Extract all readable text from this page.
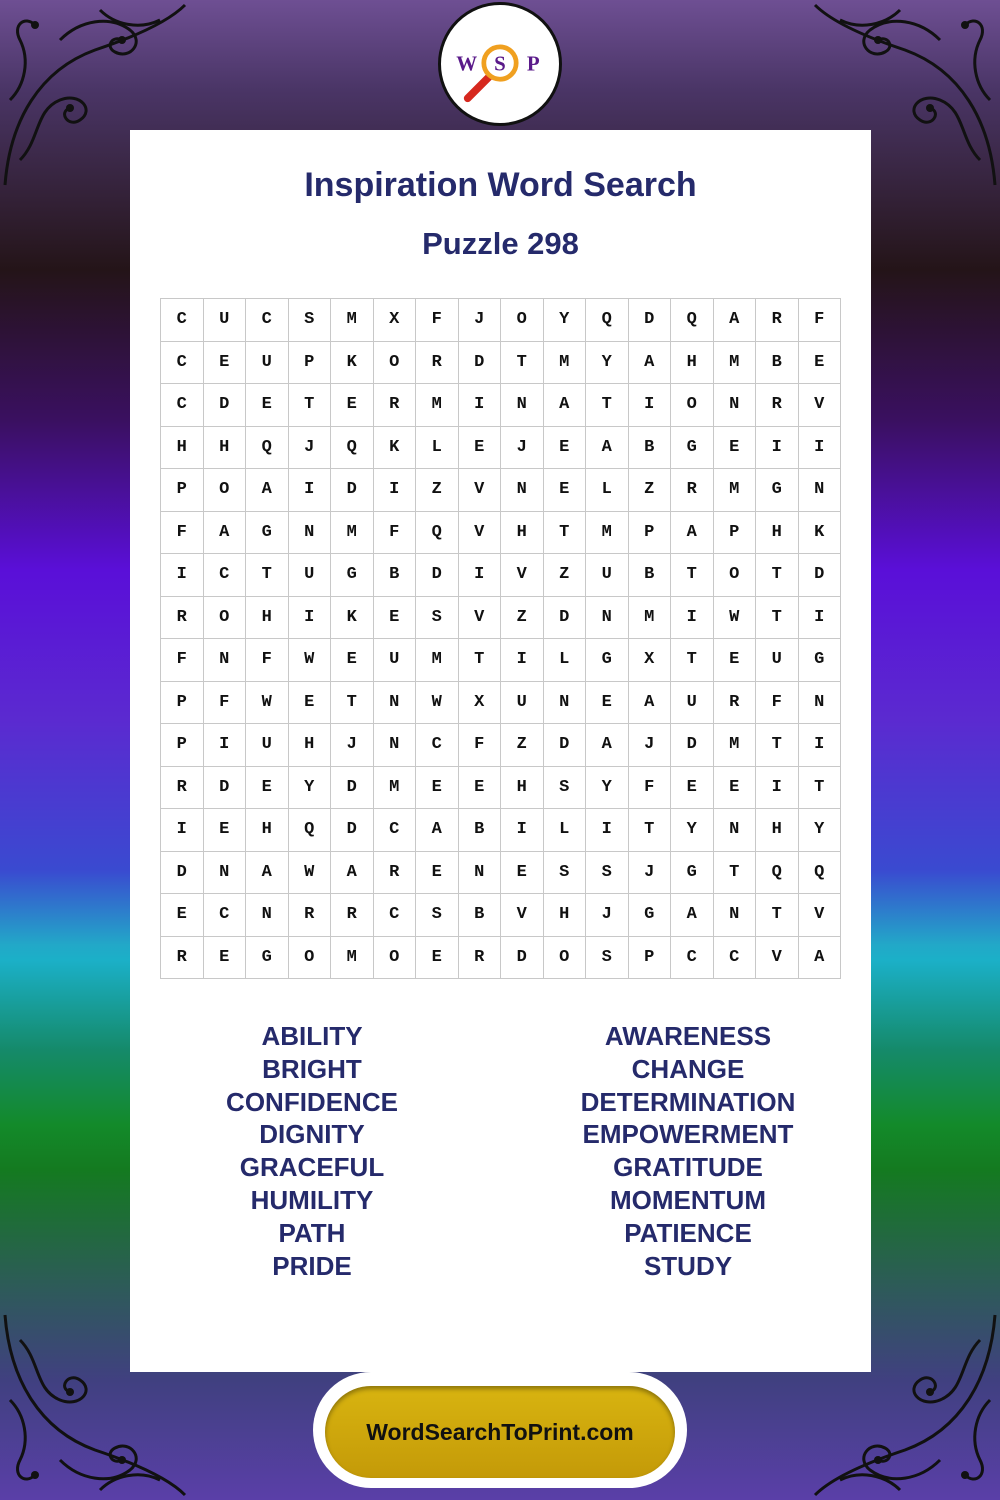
W S P
Inspiration Word Search
Puzzle 298
C	U	C	S	M	X	F	J	O	Y	Q	D	Q	A	R	F
C	E	U	P	K	O	R	D	T	M	Y	A	H	M	B	E
C	D	E	T	E	R	M	I	N	A	T	I	O	N	R	V
H	H	Q	J	Q	K	L	E	J	E	A	B	G	E	I	I
P	O	A	I	D	I	Z	V	N	E	L	Z	R	M	G	N
F	A	G	N	M	F	Q	V	H	T	M	P	A	P	H	K
I	C	T	U	G	B	D	I	V	Z	U	B	T	O	T	D
R	O	H	I	K	E	S	V	Z	D	N	M	I	W	T	I
F	N	F	W	E	U	M	T	I	L	G	X	T	E	U	G
P	F	W	E	T	N	W	X	U	N	E	A	U	R	F	N
P	I	U	H	J	N	C	F	Z	D	A	J	D	M	T	I
R	D	E	Y	D	M	E	E	H	S	Y	F	E	E	I	T
I	E	H	Q	D	C	A	B	I	L	I	T	Y	N	H	Y
D	N	A	W	A	R	E	N	E	S	S	J	G	T	Q	Q
E	C	N	R	R	C	S	B	V	H	J	G	A	N	T	V
R	E	G	O	M	O	E	R	D	O	S	P	C	C	V	A
ABILITY
BRIGHT
CONFIDENCE
DIGNITY
GRACEFUL
HUMILITY
PATH
PRIDE
AWARENESS
CHANGE
DETERMINATION
EMPOWERMENT
GRATITUDE
MOMENTUM
PATIENCE
STUDY
WordSearchToPrint.com
